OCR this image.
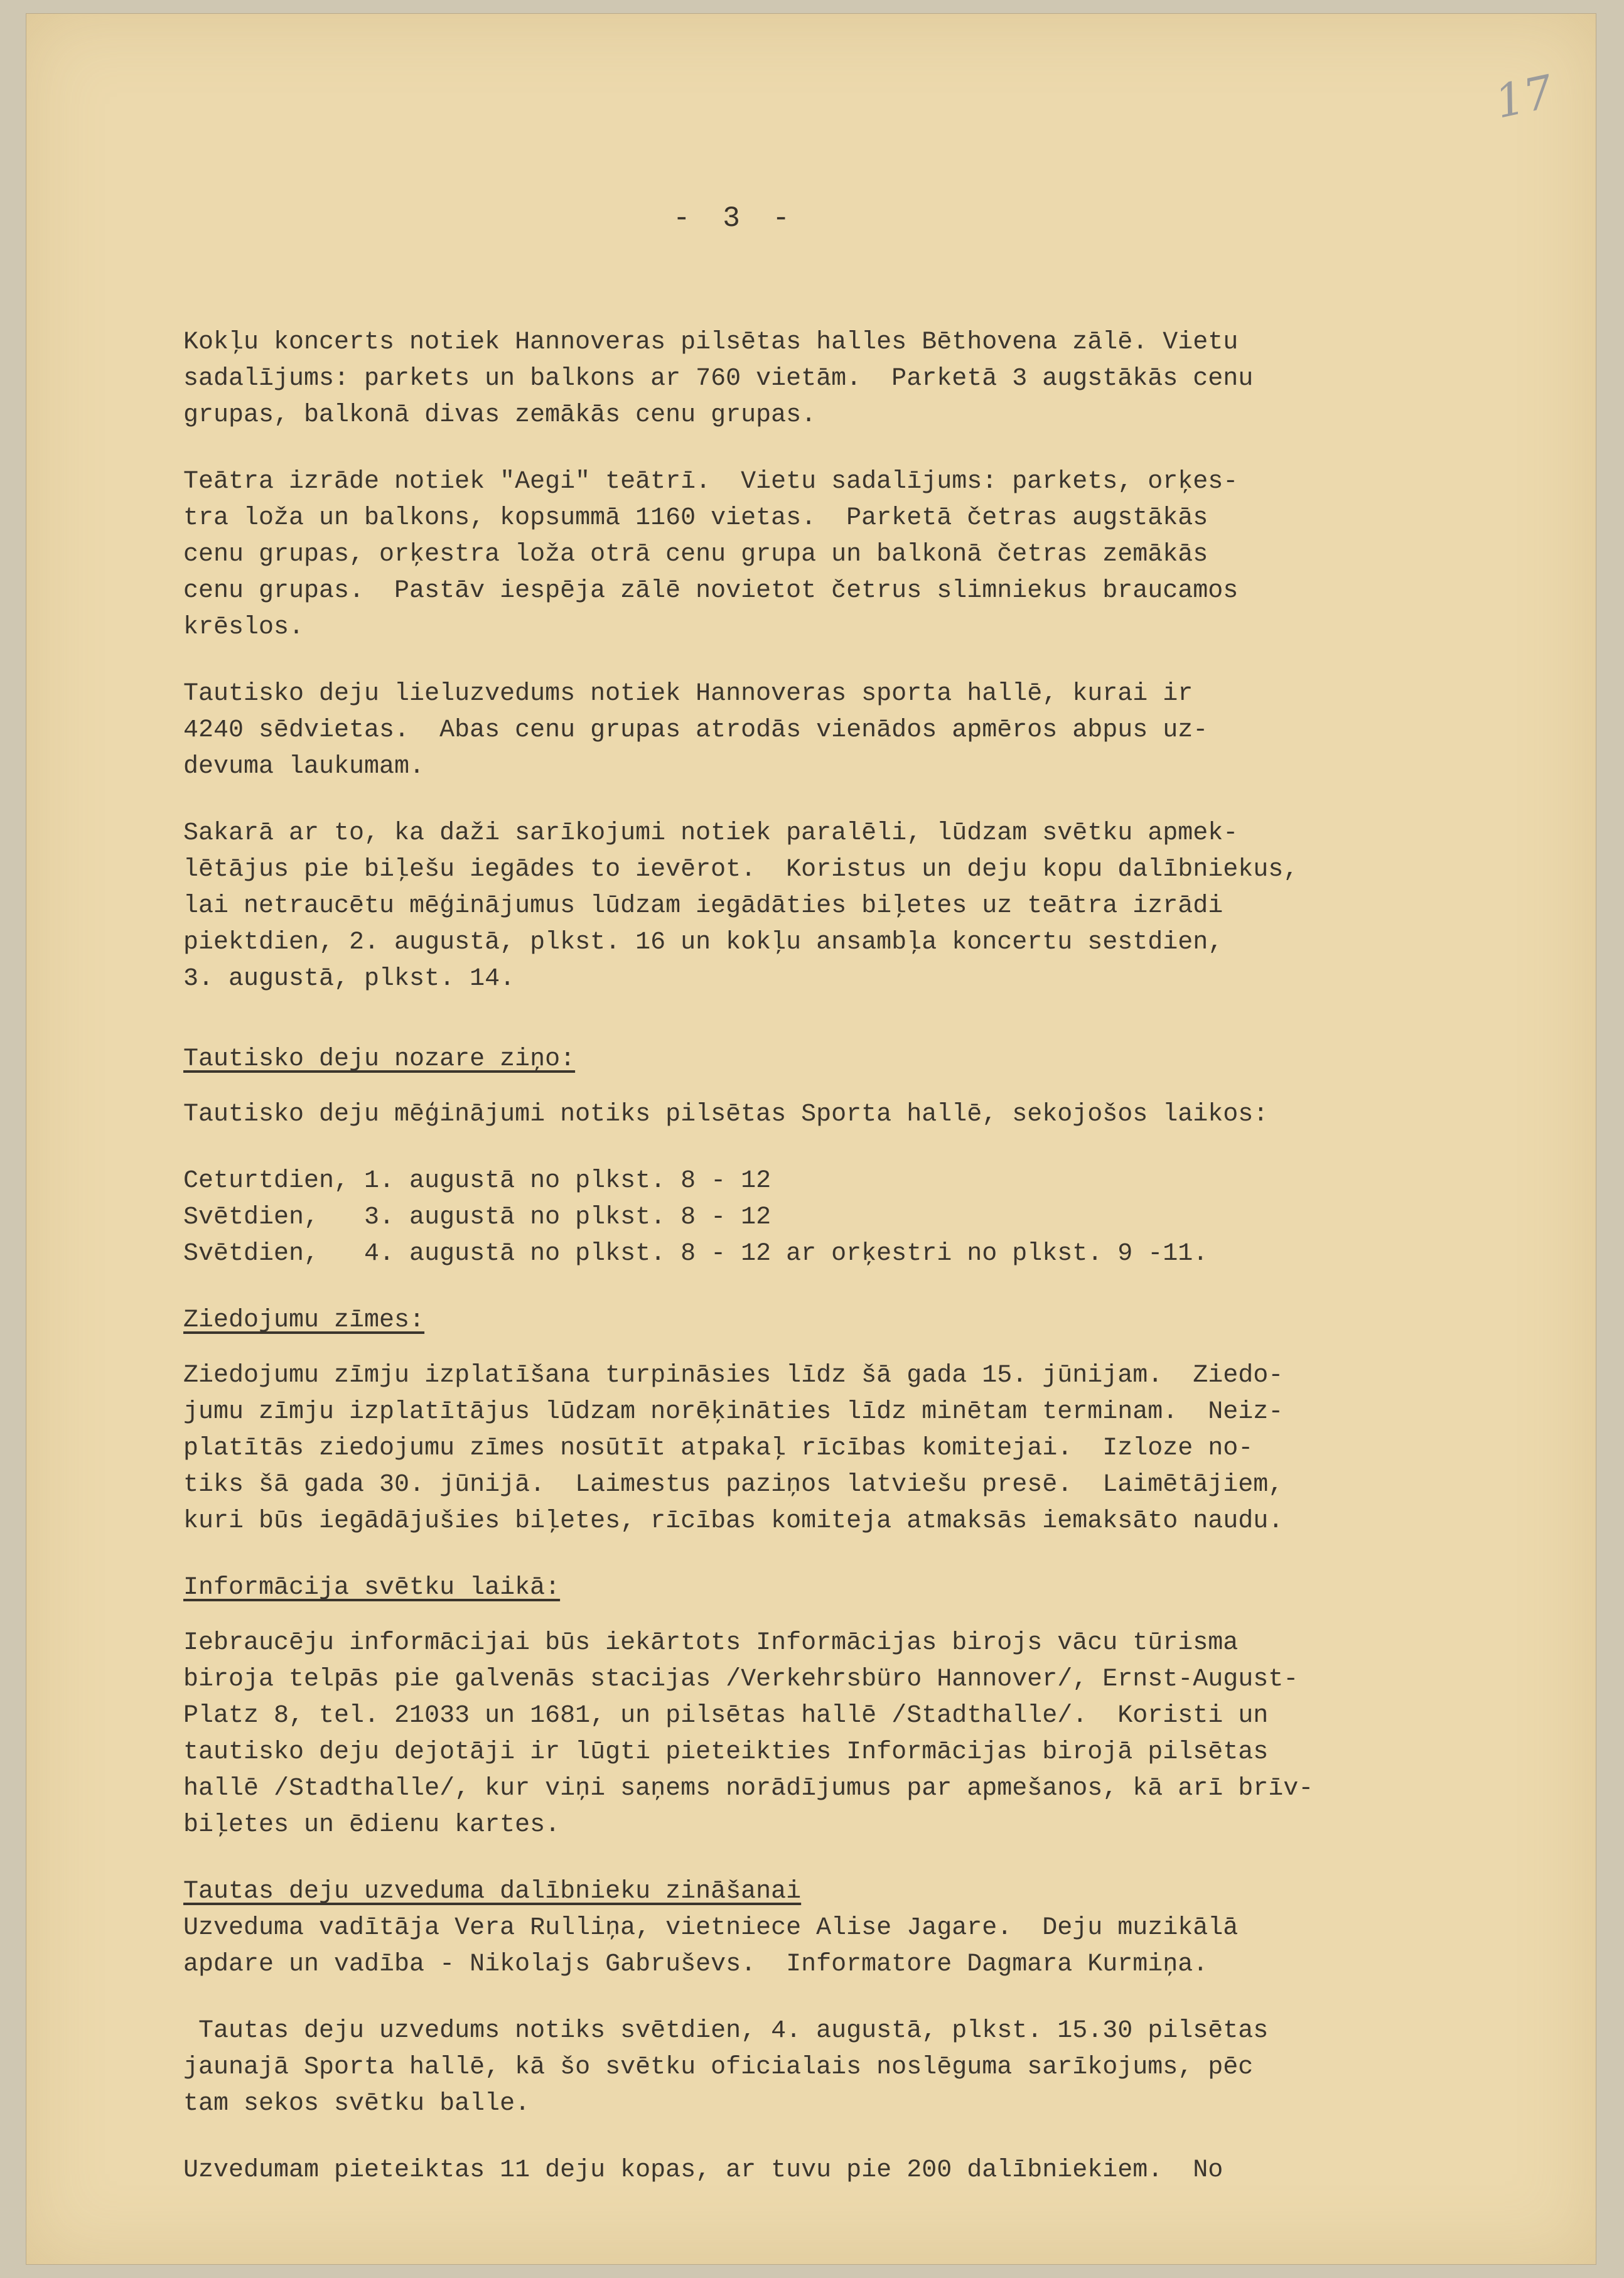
17
- 3 -

Kokļu koncerts notiek Hannoveras pilsētas halles Bēthovena zālē. Vietu

sadalījums: parkets un balkons ar 760 vietām.  Parketā 3 augstākās cenu

grupas, balkonā divas zemākās cenu grupas.

Teātra izrāde notiek "Aegi" teātrī.  Vietu sadalījums: parkets, orķes-

tra loža un balkons, kopsummā 1160 vietas.  Parketā četras augstākās

cenu grupas, orķestra loža otrā cenu grupa un balkonā četras zemākās

cenu grupas.  Pastāv iespēja zālē novietot četrus slimniekus braucamos

krēslos.

Tautisko deju lieluzvedums notiek Hannoveras sporta hallē, kurai ir

4240 sēdvietas.  Abas cenu grupas atrodās vienādos apmēros abpus uz-

devuma laukumam.

Sakarā ar to, ka daži sarīkojumi notiek paralēli, lūdzam svētku apmek-

lētājus pie biļešu iegādes to ievērot.  Koristus un deju kopu dalībniekus,

lai netraucētu mēģinājumus lūdzam iegādāties biļetes uz teātra izrādi

piektdien, 2. augustā, plkst. 16 un kokļu ansambļa koncertu sestdien,

3. augustā, plkst. 14.

Tautisko deju nozare ziņo:

Tautisko deju mēģinājumi notiks pilsētas Sporta hallē, sekojošos laikos:

Ceturtdien, 1. augustā no plkst. 8 - 12

Svētdien,   3. augustā no plkst. 8 - 12

Svētdien,   4. augustā no plkst. 8 - 12 ar orķestri no plkst. 9 -11.

Ziedojumu zīmes:

Ziedojumu zīmju izplatīšana turpināsies līdz šā gada 15. jūnijam.  Ziedo-

jumu zīmju izplatītājus lūdzam norēķināties līdz minētam terminam.  Neiz-

platītās ziedojumu zīmes nosūtīt atpakaļ rīcības komitejai.  Izloze no-

tiks šā gada 30. jūnijā.  Laimestus paziņos latviešu presē.  Laimētājiem,

kuri būs iegādājušies biļetes, rīcības komiteja atmaksās iemaksāto naudu.

Informācija svētku laikā:

Iebraucēju informācijai būs iekārtots Informācijas birojs vācu tūrisma

biroja telpās pie galvenās stacijas /Verkehrsbüro Hannover/, Ernst-August-

Platz 8, tel. 21033 un 1681, un pilsētas hallē /Stadthalle/.  Koristi un

tautisko deju dejotāji ir lūgti pieteikties Informācijas birojā pilsētas

hallē /Stadthalle/, kur viņi saņems norādījumus par apmešanos, kā arī brīv-

biļetes un ēdienu kartes.

Tautas deju uzveduma dalībnieku zināšanai

Uzveduma vadītāja Vera Rulliņa, vietniece Alise Jagare.  Deju muzikālā

apdare un vadība - Nikolajs Gabruševs.  Informatore Dagmara Kurmiņa.

Tautas deju uzvedums notiks svētdien, 4. augustā, plkst. 15.30 pilsētas

jaunajā Sporta hallē, kā šo svētku oficialais noslēguma sarīkojums, pēc

tam sekos svētku balle.

Uzvedumam pieteiktas 11 deju kopas, ar tuvu pie 200 dalībniekiem.  No
